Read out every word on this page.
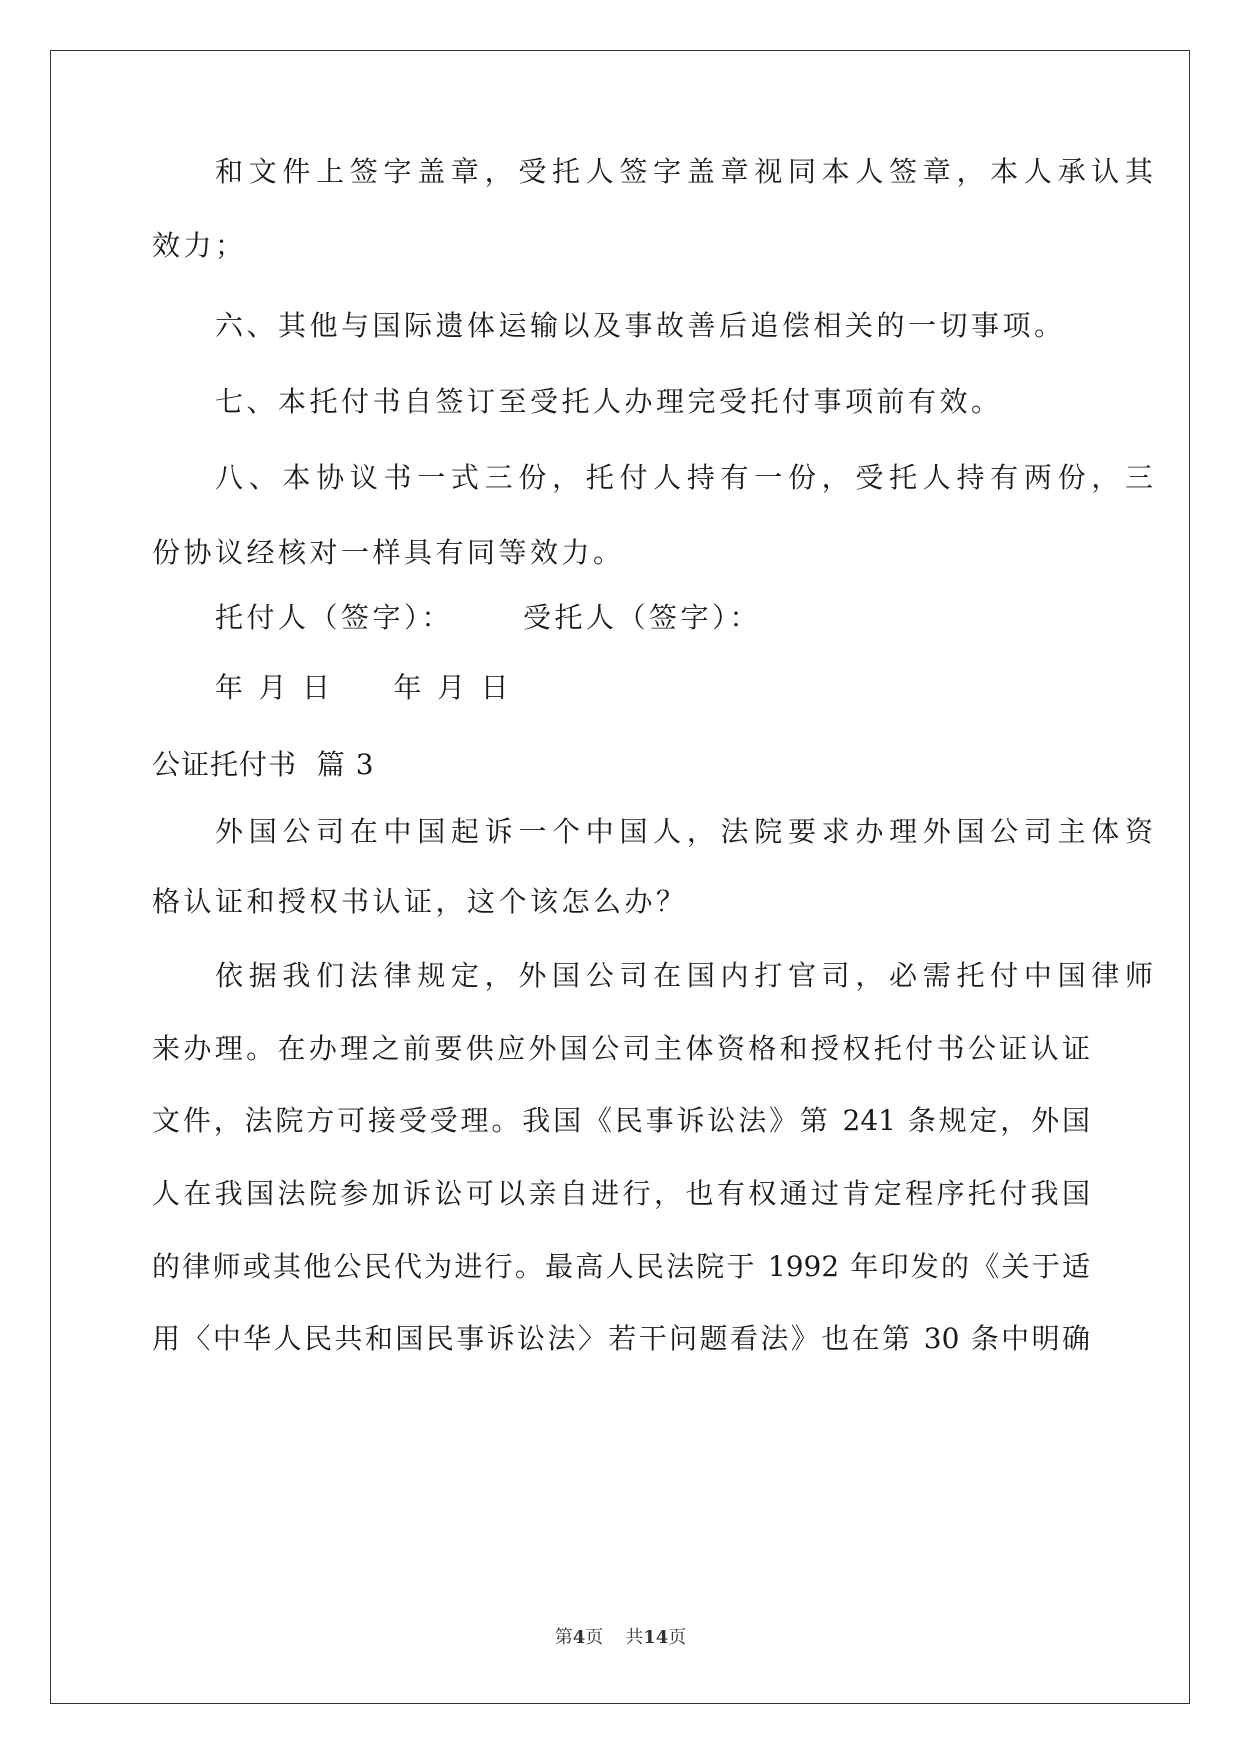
和文件上签字盖章，受托人签字盖章视同本人签章，本人承认其
效力；
六、其他与国际遗体运输以及事故善后追偿相关的一切事项。
七、本托付书自签订至受托人办理完受托付事项前有效。
八、本协议书一式三份，托付人持有一份，受托人持有两份，三
份协议经核对一样具有同等效力。
托付人（签字）：	受托人（签字）：
年 月 日 年 月 日
公证托付书  篇 3
外国公司在中国起诉一个中国人，法院要求办理外国公司主体资
格认证和授权书认证，这个该怎么办？
依据我们法律规定，外国公司在国内打官司，必需托付中国律师
来办理。在办理之前要供应外国公司主体资格和授权托付书公证认证
文件，法院方可接受受理。我国《民事诉讼法》第 241 条规定，外国
人在我国法院参加诉讼可以亲自进行，也有权通过肯定程序托付我国
的律师或其他公民代为进行。最高人民法院于 1992 年印发的《关于适
用〈中华人民共和国民事诉讼法〉若干问题看法》也在第 30 条中明确
第4页 共14页
